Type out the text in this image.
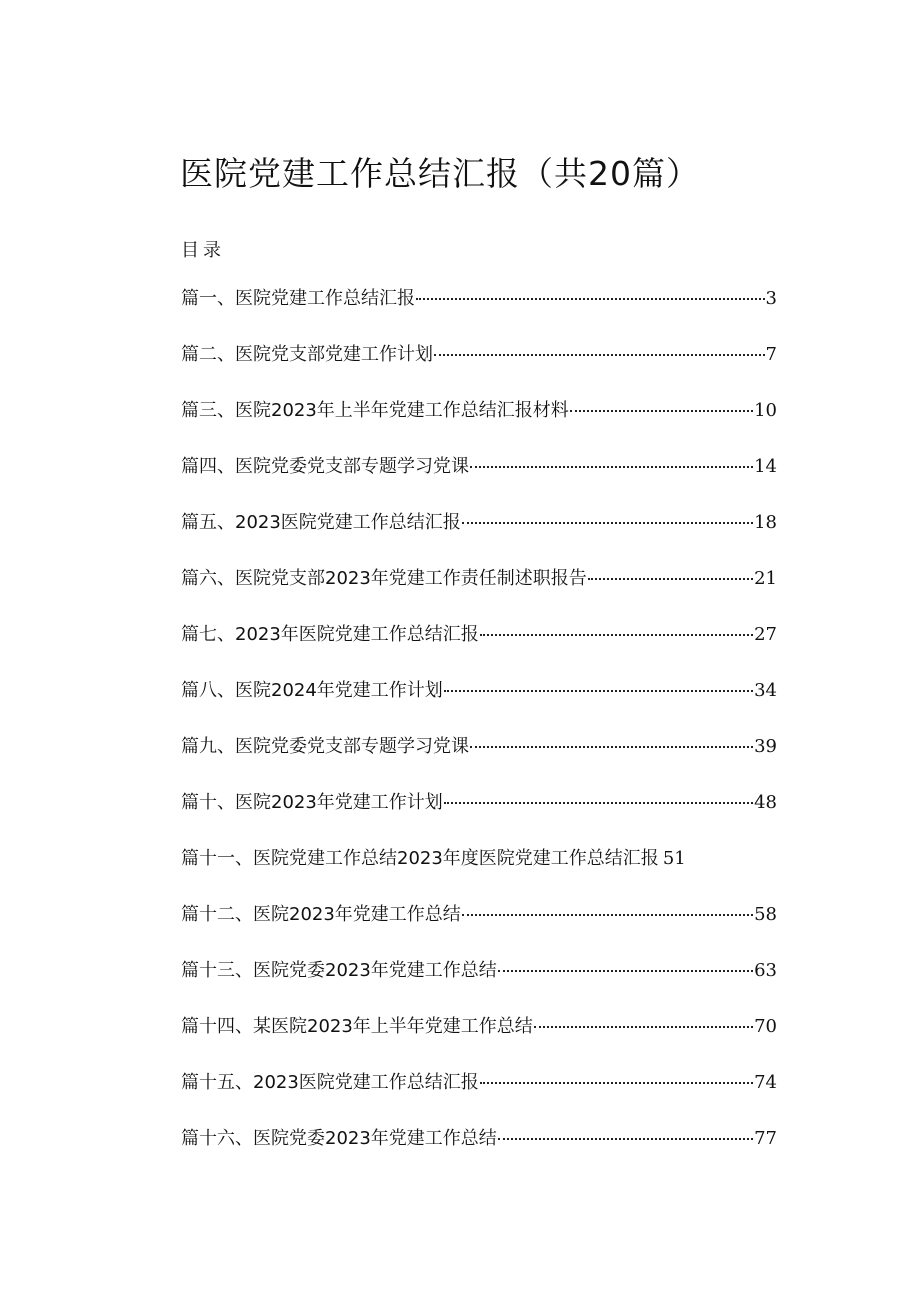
医院党建工作总结汇报（共20篇）
目录
篇一、医院党建工作总结汇报	3
篇二、医院党支部党建工作计划	7
篇三、医院2023年上半年党建工作总结汇报材料	10
篇四、医院党委党支部专题学习党课	14
篇五、2023医院党建工作总结汇报	18
篇六、医院党支部2023年党建工作责任制述职报告	21
篇七、2023年医院党建工作总结汇报	27
篇八、医院2024年党建工作计划	34
篇九、医院党委党支部专题学习党课	39
篇十、医院2023年党建工作计划	48
篇十一、医院党建工作总结2023年度医院党建工作总结汇报 51
篇十二、医院2023年党建工作总结	58
篇十三、医院党委2023年党建工作总结	63
篇十四、某医院2023年上半年党建工作总结	70
篇十五、2023医院党建工作总结汇报	74
篇十六、医院党委2023年党建工作总结	77
